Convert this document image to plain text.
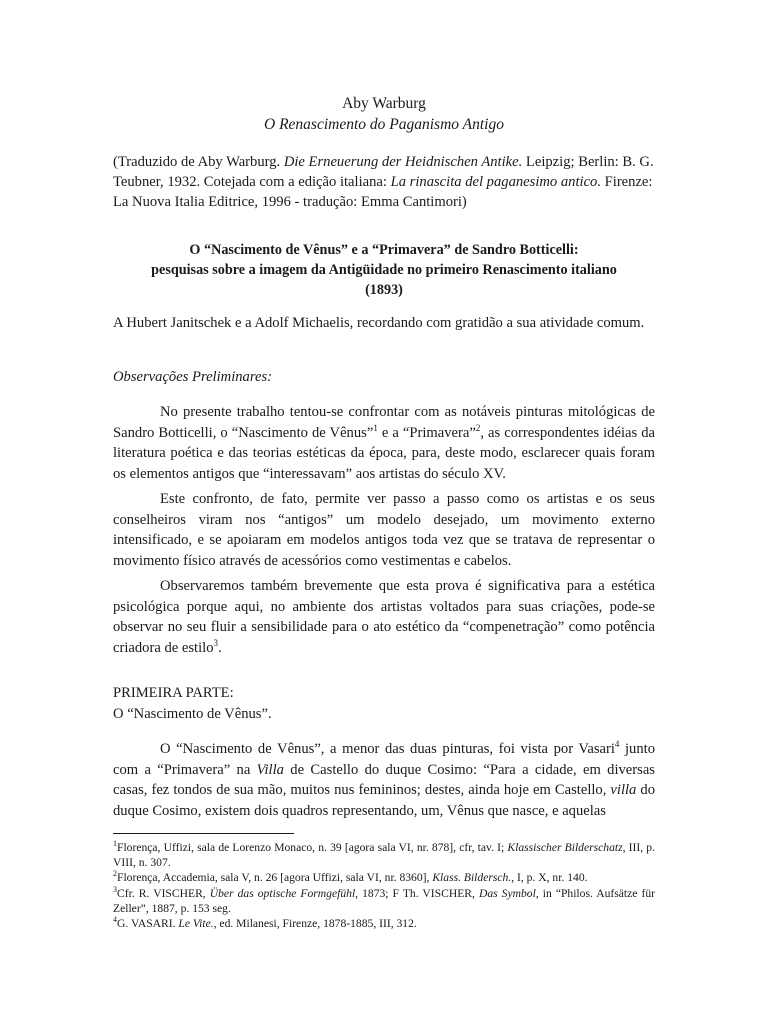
Aby Warburg
O Renascimento do Paganismo Antigo
(Traduzido de Aby Warburg. Die Erneuerung der Heidnischen Antike. Leipzig; Berlin: B. G. Teubner, 1932. Cotejada com a edição italiana: La rinascita del paganesimo antico. Firenze: La Nuova Italia Editrice, 1996 - tradução: Emma Cantimori)
O “Nascimento de Vênus” e a “Primavera” de Sandro Botticelli:
pesquisas sobre a imagem da Antigüidade no primeiro Renascimento italiano
(1893)
A Hubert Janitschek e a Adolf Michaelis, recordando com gratidão a sua atividade comum.
Observações Preliminares:
No presente trabalho tentou-se confrontar com as notáveis pinturas mitológicas de Sandro Botticelli, o “Nascimento de Vênus”$^1$ e a “Primavera”$^2$, as correspondentes idéias da literatura poética e das teorias estéticas da época, para, deste modo, esclarecer quais foram os elementos antigos que “interessavam” aos artistas do século XV.
Este confronto, de fato, permite ver passo a passo como os artistas e os seus conselheiros viram nos “antigos” um modelo desejado, um movimento externo intensificado, e se apoiaram em modelos antigos toda vez que se tratava de representar o movimento físico através de acessórios como vestimentas e cabelos.
Observaremos também brevemente que esta prova é significativa para a estética psicológica porque aqui, no ambiente dos artistas voltados para suas criações, pode-se observar no seu fluir a sensibilidade para o ato estético da “compenetração” como potência criadora de estilo$^3$.
PRIMEIRA PARTE:
O “Nascimento de Vênus”.
O “Nascimento de Vênus”, a menor das duas pinturas, foi vista por Vasari$^4$ junto com a “Primavera” na Villa de Castello do duque Cosimo: “Para a cidade, em diversas casas, fez tondos de sua mão, muitos nus femininos; destes, ainda hoje em Castello, villa do duque Cosimo, existem dois quadros representando, um, Vênus que nasce, e aquelas
$^1$Florença, Uffizi, sala de Lorenzo Monaco, n. 39 [agora sala VI, nr. 878], cfr, tav. I; Klassischer Bilderschatz, III, p. VIII, n. 307.
$^2$Florença, Accademia, sala V, n. 26 [agora Uffizi, sala VI, nr. 8360], Klass. Bildersch., I, p. X, nr. 140.
$^3$Cfr. R. VISCHER, Über das optische Formgefühl, 1873; F Th. VISCHER, Das Symbol, in “Philos. Aufsätze für Zeller”, 1887, p. 153 seg.
$^4$G. VASARI. Le Vite., ed. Milanesi, Firenze, 1878-1885, III, 312.
